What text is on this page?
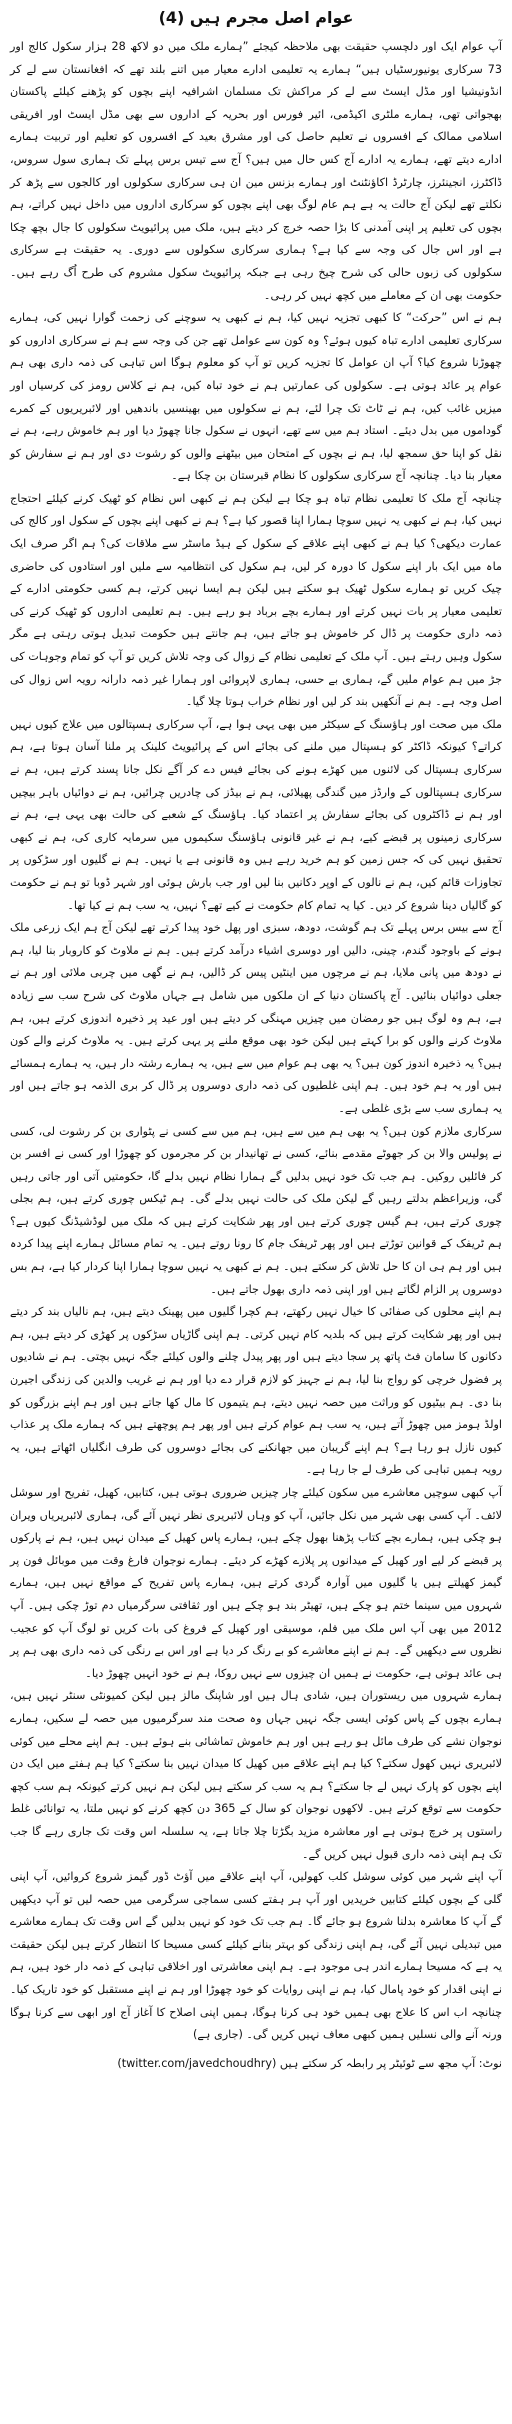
عوام اصل مجرم ہیں (4)

آپ عوام ایک اور دلچسپ حقیقت بھی ملاحظہ کیجئے ”ہمارے ملک میں دو لاکھ 28 ہزار سکول کالج اور 73 سرکاری یونیورسٹیاں ہیں“ ہمارے یہ تعلیمی ادارے معیار میں اتنے بلند تھے کہ افغانستان سے لے کر انڈونیشیا اور مڈل ایسٹ سے لے کر مراکش تک مسلمان اشرافیہ اپنے بچوں کو پڑھنے کیلئے پاکستان بھجواتی تھی، ہمارے ملٹری اکیڈمی، ائیر فورس اور بحریہ کے اداروں سے بھی مڈل ایسٹ اور افریقی اسلامی ممالک کے افسروں نے تعلیم حاصل کی اور مشرق بعید کے افسروں کو تعلیم اور تربیت ہمارے ادارے دیتے تھے، ہمارے یہ ادارے آج کس حال میں ہیں؟ آج سے تیس برس پہلے تک ہماری سول سروس، ڈاکٹرز، انجینئرز، چارٹرڈ اکاؤنٹنٹ اور ہمارے بزنس مین ان ہی سرکاری سکولوں اور کالجوں سے پڑھ کر نکلتے تھے لیکن آج حالت یہ ہے ہم عام لوگ بھی اپنے بچوں کو سرکاری اداروں میں داخل نہیں کراتے، ہم بچوں کی تعلیم پر اپنی آمدنی کا بڑا حصہ خرچ کر دیتے ہیں، ملک میں پرائیویٹ سکولوں کا جال بچھ چکا ہے اور اس جال کی وجہ سے کیا ہے؟ ہماری سرکاری سکولوں سے دوری۔ یہ حقیقت ہے سرکاری سکولوں کی زبوں حالی کی شرح چیخ رہی ہے جبکہ پرائیویٹ سکول مشروم کی طرح اُگ رہے ہیں۔ حکومت بھی ان کے معاملے میں کچھ نہیں کر رہی۔

ہم نے اس ”حرکت“ کا کبھی تجزیہ نہیں کیا، ہم نے کبھی یہ سوچنے کی زحمت گوارا نہیں کی، ہمارے سرکاری تعلیمی ادارے تباہ کیوں ہوئے؟ وہ کون سے عوامل تھے جن کی وجہ سے ہم نے سرکاری اداروں کو چھوڑنا شروع کیا؟ آپ ان عوامل کا تجزیہ کریں تو آپ کو معلوم ہوگا اس تباہی کی ذمہ داری بھی ہم عوام پر عائد ہوتی ہے۔ سکولوں کی عمارتیں ہم نے خود تباہ کیں، ہم نے کلاس رومز کی کرسیاں اور میزیں غائب کیں، ہم نے ٹاٹ تک چرا لئے، ہم نے سکولوں میں بھینسیں باندھیں اور لائبریریوں کے کمرے گوداموں میں بدل دیئے۔ استاد ہم میں سے تھے، انہوں نے سکول جانا چھوڑ دیا اور ہم خاموش رہے، ہم نے نقل کو اپنا حق سمجھ لیا، ہم نے بچوں کے امتحان میں بیٹھنے والوں کو رشوت دی اور ہم نے سفارش کو معیار بنا دیا۔ چنانچہ آج سرکاری سکولوں کا نظام قبرستان بن چکا ہے۔

چنانچہ آج ملک کا تعلیمی نظام تباہ ہو چکا ہے لیکن ہم نے کبھی اس نظام کو ٹھیک کرنے کیلئے احتجاج نہیں کیا، ہم نے کبھی یہ نہیں سوچا ہمارا اپنا قصور کیا ہے؟ ہم نے کبھی اپنے بچوں کے سکول اور کالج کی عمارت دیکھی؟ کیا ہم نے کبھی اپنے علاقے کے سکول کے ہیڈ ماسٹر سے ملاقات کی؟ ہم اگر صرف ایک ماہ میں ایک بار اپنے سکول کا دورہ کر لیں، ہم سکول کی انتظامیہ سے ملیں اور استادوں کی حاضری چیک کریں تو ہمارے سکول ٹھیک ہو سکتے ہیں لیکن ہم ایسا نہیں کرتے، ہم کسی حکومتی ادارے کے تعلیمی معیار پر بات نہیں کرتے اور ہمارے بچے برباد ہو رہے ہیں۔ ہم تعلیمی اداروں کو ٹھیک کرنے کی ذمہ داری حکومت پر ڈال کر خاموش ہو جاتے ہیں، ہم جانتے ہیں حکومت تبدیل ہوتی رہتی ہے مگر سکول وہیں رہتے ہیں۔ آپ ملک کے تعلیمی نظام کے زوال کی وجہ تلاش کریں تو آپ کو تمام وجوہات کی جڑ میں ہم عوام ملیں گے، ہماری بے حسی، ہماری لاپروائی اور ہمارا غیر ذمہ دارانہ رویہ اس زوال کی اصل وجہ ہے۔ ہم نے آنکھیں بند کر لیں اور نظام خراب ہوتا چلا گیا۔

ملک میں صحت اور ہاؤسنگ کے سیکٹر میں بھی یہی ہوا ہے، آپ سرکاری ہسپتالوں میں علاج کیوں نہیں کراتے؟ کیونکہ ڈاکٹر کو ہسپتال میں ملنے کی بجائے اس کے پرائیویٹ کلینک پر ملنا آسان ہوتا ہے، ہم سرکاری ہسپتال کی لائنوں میں کھڑے ہونے کی بجائے فیس دے کر آگے نکل جانا پسند کرتے ہیں، ہم نے سرکاری ہسپتالوں کے وارڈز میں گندگی پھیلائی، ہم نے بیڈز کی چادریں چرائیں، ہم نے دوائیاں باہر بیچیں اور ہم نے ڈاکٹروں کی بجائے سفارش پر اعتماد کیا۔ ہاؤسنگ کے شعبے کی حالت بھی یہی ہے، ہم نے سرکاری زمینوں پر قبضے کیے، ہم نے غیر قانونی ہاؤسنگ سکیموں میں سرمایہ کاری کی، ہم نے کبھی تحقیق نہیں کی کہ جس زمین کو ہم خرید رہے ہیں وہ قانونی ہے یا نہیں۔ ہم نے گلیوں اور سڑکوں پر تجاوزات قائم کیں، ہم نے نالوں کے اوپر دکانیں بنا لیں اور جب بارش ہوئی اور شہر ڈوبا تو ہم نے حکومت کو گالیاں دینا شروع کر دیں۔ کیا یہ تمام کام حکومت نے کیے تھے؟ نہیں، یہ سب ہم نے کیا تھا۔

آج سے بیس برس پہلے تک ہم گوشت، دودھ، سبزی اور پھل خود پیدا کرتے تھے لیکن آج ہم ایک زرعی ملک ہونے کے باوجود گندم، چینی، دالیں اور دوسری اشیاء درآمد کرتے ہیں۔ ہم نے ملاوٹ کو کاروبار بنا لیا، ہم نے دودھ میں پانی ملایا، ہم نے مرچوں میں اینٹیں پیس کر ڈالیں، ہم نے گھی میں چربی ملائی اور ہم نے جعلی دوائیاں بنائیں۔ آج پاکستان دنیا کے ان ملکوں میں شامل ہے جہاں ملاوٹ کی شرح سب سے زیادہ ہے، ہم وہ لوگ ہیں جو رمضان میں چیزیں مہنگی کر دیتے ہیں اور عید پر ذخیرہ اندوزی کرتے ہیں، ہم ملاوٹ کرنے والوں کو برا کہتے ہیں لیکن خود بھی موقع ملنے پر یہی کرتے ہیں۔ یہ ملاوٹ کرنے والے کون ہیں؟ یہ ذخیرہ اندوز کون ہیں؟ یہ بھی ہم عوام میں سے ہیں، یہ ہمارے رشتہ دار ہیں، یہ ہمارے ہمسائے ہیں اور یہ ہم خود ہیں۔ ہم اپنی غلطیوں کی ذمہ داری دوسروں پر ڈال کر بری الذمہ ہو جاتے ہیں اور یہ ہماری سب سے بڑی غلطی ہے۔

سرکاری ملازم کون ہیں؟ یہ بھی ہم میں سے ہیں، ہم میں سے کسی نے پٹواری بن کر رشوت لی، کسی نے پولیس والا بن کر جھوٹے مقدمے بنائے، کسی نے تھانیدار بن کر مجرموں کو چھوڑا اور کسی نے افسر بن کر فائلیں روکیں۔ ہم جب تک خود نہیں بدلیں گے ہمارا نظام نہیں بدلے گا، حکومتیں آتی اور جاتی رہیں گی، وزیراعظم بدلتے رہیں گے لیکن ملک کی حالت نہیں بدلے گی۔ ہم ٹیکس چوری کرتے ہیں، ہم بجلی چوری کرتے ہیں، ہم گیس چوری کرتے ہیں اور پھر شکایت کرتے ہیں کہ ملک میں لوڈشیڈنگ کیوں ہے؟ ہم ٹریفک کے قوانین توڑتے ہیں اور پھر ٹریفک جام کا رونا روتے ہیں۔ یہ تمام مسائل ہمارے اپنے پیدا کردہ ہیں اور ہم ہی ان کا حل تلاش کر سکتے ہیں۔ ہم نے کبھی یہ نہیں سوچا ہمارا اپنا کردار کیا ہے، ہم بس دوسروں پر الزام لگاتے ہیں اور اپنی ذمہ داری بھول جاتے ہیں۔

ہم اپنے محلوں کی صفائی کا خیال نہیں رکھتے، ہم کچرا گلیوں میں پھینک دیتے ہیں، ہم نالیاں بند کر دیتے ہیں اور پھر شکایت کرتے ہیں کہ بلدیہ کام نہیں کرتی۔ ہم اپنی گاڑیاں سڑکوں پر کھڑی کر دیتے ہیں، ہم دکانوں کا سامان فٹ پاتھ پر سجا دیتے ہیں اور پھر پیدل چلنے والوں کیلئے جگہ نہیں بچتی۔ ہم نے شادیوں پر فضول خرچی کو رواج بنا لیا، ہم نے جہیز کو لازم قرار دے دیا اور ہم نے غریب والدین کی زندگی اجیرن بنا دی۔ ہم بیٹیوں کو وراثت میں حصہ نہیں دیتے، ہم یتیموں کا مال کھا جاتے ہیں اور ہم اپنے بزرگوں کو اولڈ ہومز میں چھوڑ آتے ہیں، یہ سب ہم عوام کرتے ہیں اور پھر ہم پوچھتے ہیں کہ ہمارے ملک پر عذاب کیوں نازل ہو رہا ہے؟ ہم اپنے گریبان میں جھانکنے کی بجائے دوسروں کی طرف انگلیاں اٹھاتے ہیں، یہ رویہ ہمیں تباہی کی طرف لے جا رہا ہے۔

آپ کبھی سوچیں معاشرے میں سکون کیلئے چار چیزیں ضروری ہوتی ہیں، کتابیں، کھیل، تفریح اور سوشل لائف۔ آپ کسی بھی شہر میں نکل جائیں، آپ کو وہاں لائبریری نظر نہیں آئے گی، ہماری لائبریریاں ویران ہو چکی ہیں، ہمارے بچے کتاب پڑھنا بھول چکے ہیں، ہمارے پاس کھیل کے میدان نہیں ہیں، ہم نے پارکوں پر قبضے کر لیے اور کھیل کے میدانوں پر پلازے کھڑے کر دیئے۔ ہمارے نوجوان فارغ وقت میں موبائل فون پر گیمز کھیلتے ہیں یا گلیوں میں آوارہ گردی کرتے ہیں، ہمارے پاس تفریح کے مواقع نہیں ہیں، ہمارے شہروں میں سینما ختم ہو چکے ہیں، تھیٹر بند ہو چکے ہیں اور ثقافتی سرگرمیاں دم توڑ چکی ہیں۔ آپ 2012 میں بھی آپ اس ملک میں فلم، موسیقی اور کھیل کے فروغ کی بات کریں تو لوگ آپ کو عجیب نظروں سے دیکھیں گے۔ ہم نے اپنے معاشرے کو بے رنگ کر دیا ہے اور اس بے رنگی کی ذمہ داری بھی ہم پر ہی عائد ہوتی ہے، حکومت نے ہمیں ان چیزوں سے نہیں روکا، ہم نے خود انہیں چھوڑ دیا۔

ہمارے شہروں میں ریستوران ہیں، شادی ہال ہیں اور شاپنگ مالز ہیں لیکن کمیونٹی سنٹر نہیں ہیں، ہمارے بچوں کے پاس کوئی ایسی جگہ نہیں جہاں وہ صحت مند سرگرمیوں میں حصہ لے سکیں، ہمارے نوجوان نشے کی طرف مائل ہو رہے ہیں اور ہم خاموش تماشائی بنے ہوئے ہیں۔ ہم اپنے محلے میں کوئی لائبریری نہیں کھول سکتے؟ کیا ہم اپنے علاقے میں کھیل کا میدان نہیں بنا سکتے؟ کیا ہم ہفتے میں ایک دن اپنے بچوں کو پارک نہیں لے جا سکتے؟ ہم یہ سب کر سکتے ہیں لیکن ہم نہیں کرتے کیونکہ ہم سب کچھ حکومت سے توقع کرتے ہیں۔ لاکھوں نوجوان کو سال کے 365 دن کچھ کرنے کو نہیں ملتا، یہ توانائی غلط راستوں پر خرچ ہوتی ہے اور معاشرہ مزید بگڑتا چلا جاتا ہے، یہ سلسلہ اس وقت تک جاری رہے گا جب تک ہم اپنی ذمہ داری قبول نہیں کریں گے۔

آپ اپنے شہر میں کوئی سوشل کلب کھولیں، آپ اپنے علاقے میں آؤٹ ڈور گیمز شروع کروائیں، آپ اپنی گلی کے بچوں کیلئے کتابیں خریدیں اور آپ ہر ہفتے کسی سماجی سرگرمی میں حصہ لیں تو آپ دیکھیں گے آپ کا معاشرہ بدلنا شروع ہو جائے گا۔ ہم جب تک خود کو نہیں بدلیں گے اس وقت تک ہمارے معاشرے میں تبدیلی نہیں آئے گی، ہم اپنی زندگی کو بہتر بنانے کیلئے کسی مسیحا کا انتظار کرتے ہیں لیکن حقیقت یہ ہے کہ مسیحا ہمارے اندر ہی موجود ہے۔ ہم اپنی معاشرتی اور اخلاقی تباہی کے ذمہ دار خود ہیں، ہم نے اپنی اقدار کو خود پامال کیا، ہم نے اپنی روایات کو خود چھوڑا اور ہم نے اپنے مستقبل کو خود تاریک کیا۔ چنانچہ اب اس کا علاج بھی ہمیں خود ہی کرنا ہوگا، ہمیں اپنی اصلاح کا آغاز آج اور ابھی سے کرنا ہوگا ورنہ آنے والی نسلیں ہمیں کبھی معاف نہیں کریں گی۔ (جاری ہے)

نوٹ: آپ مجھ سے ٹوئیٹر پر رابطہ کر سکتے ہیں (twitter.com/javedchoudhry)
